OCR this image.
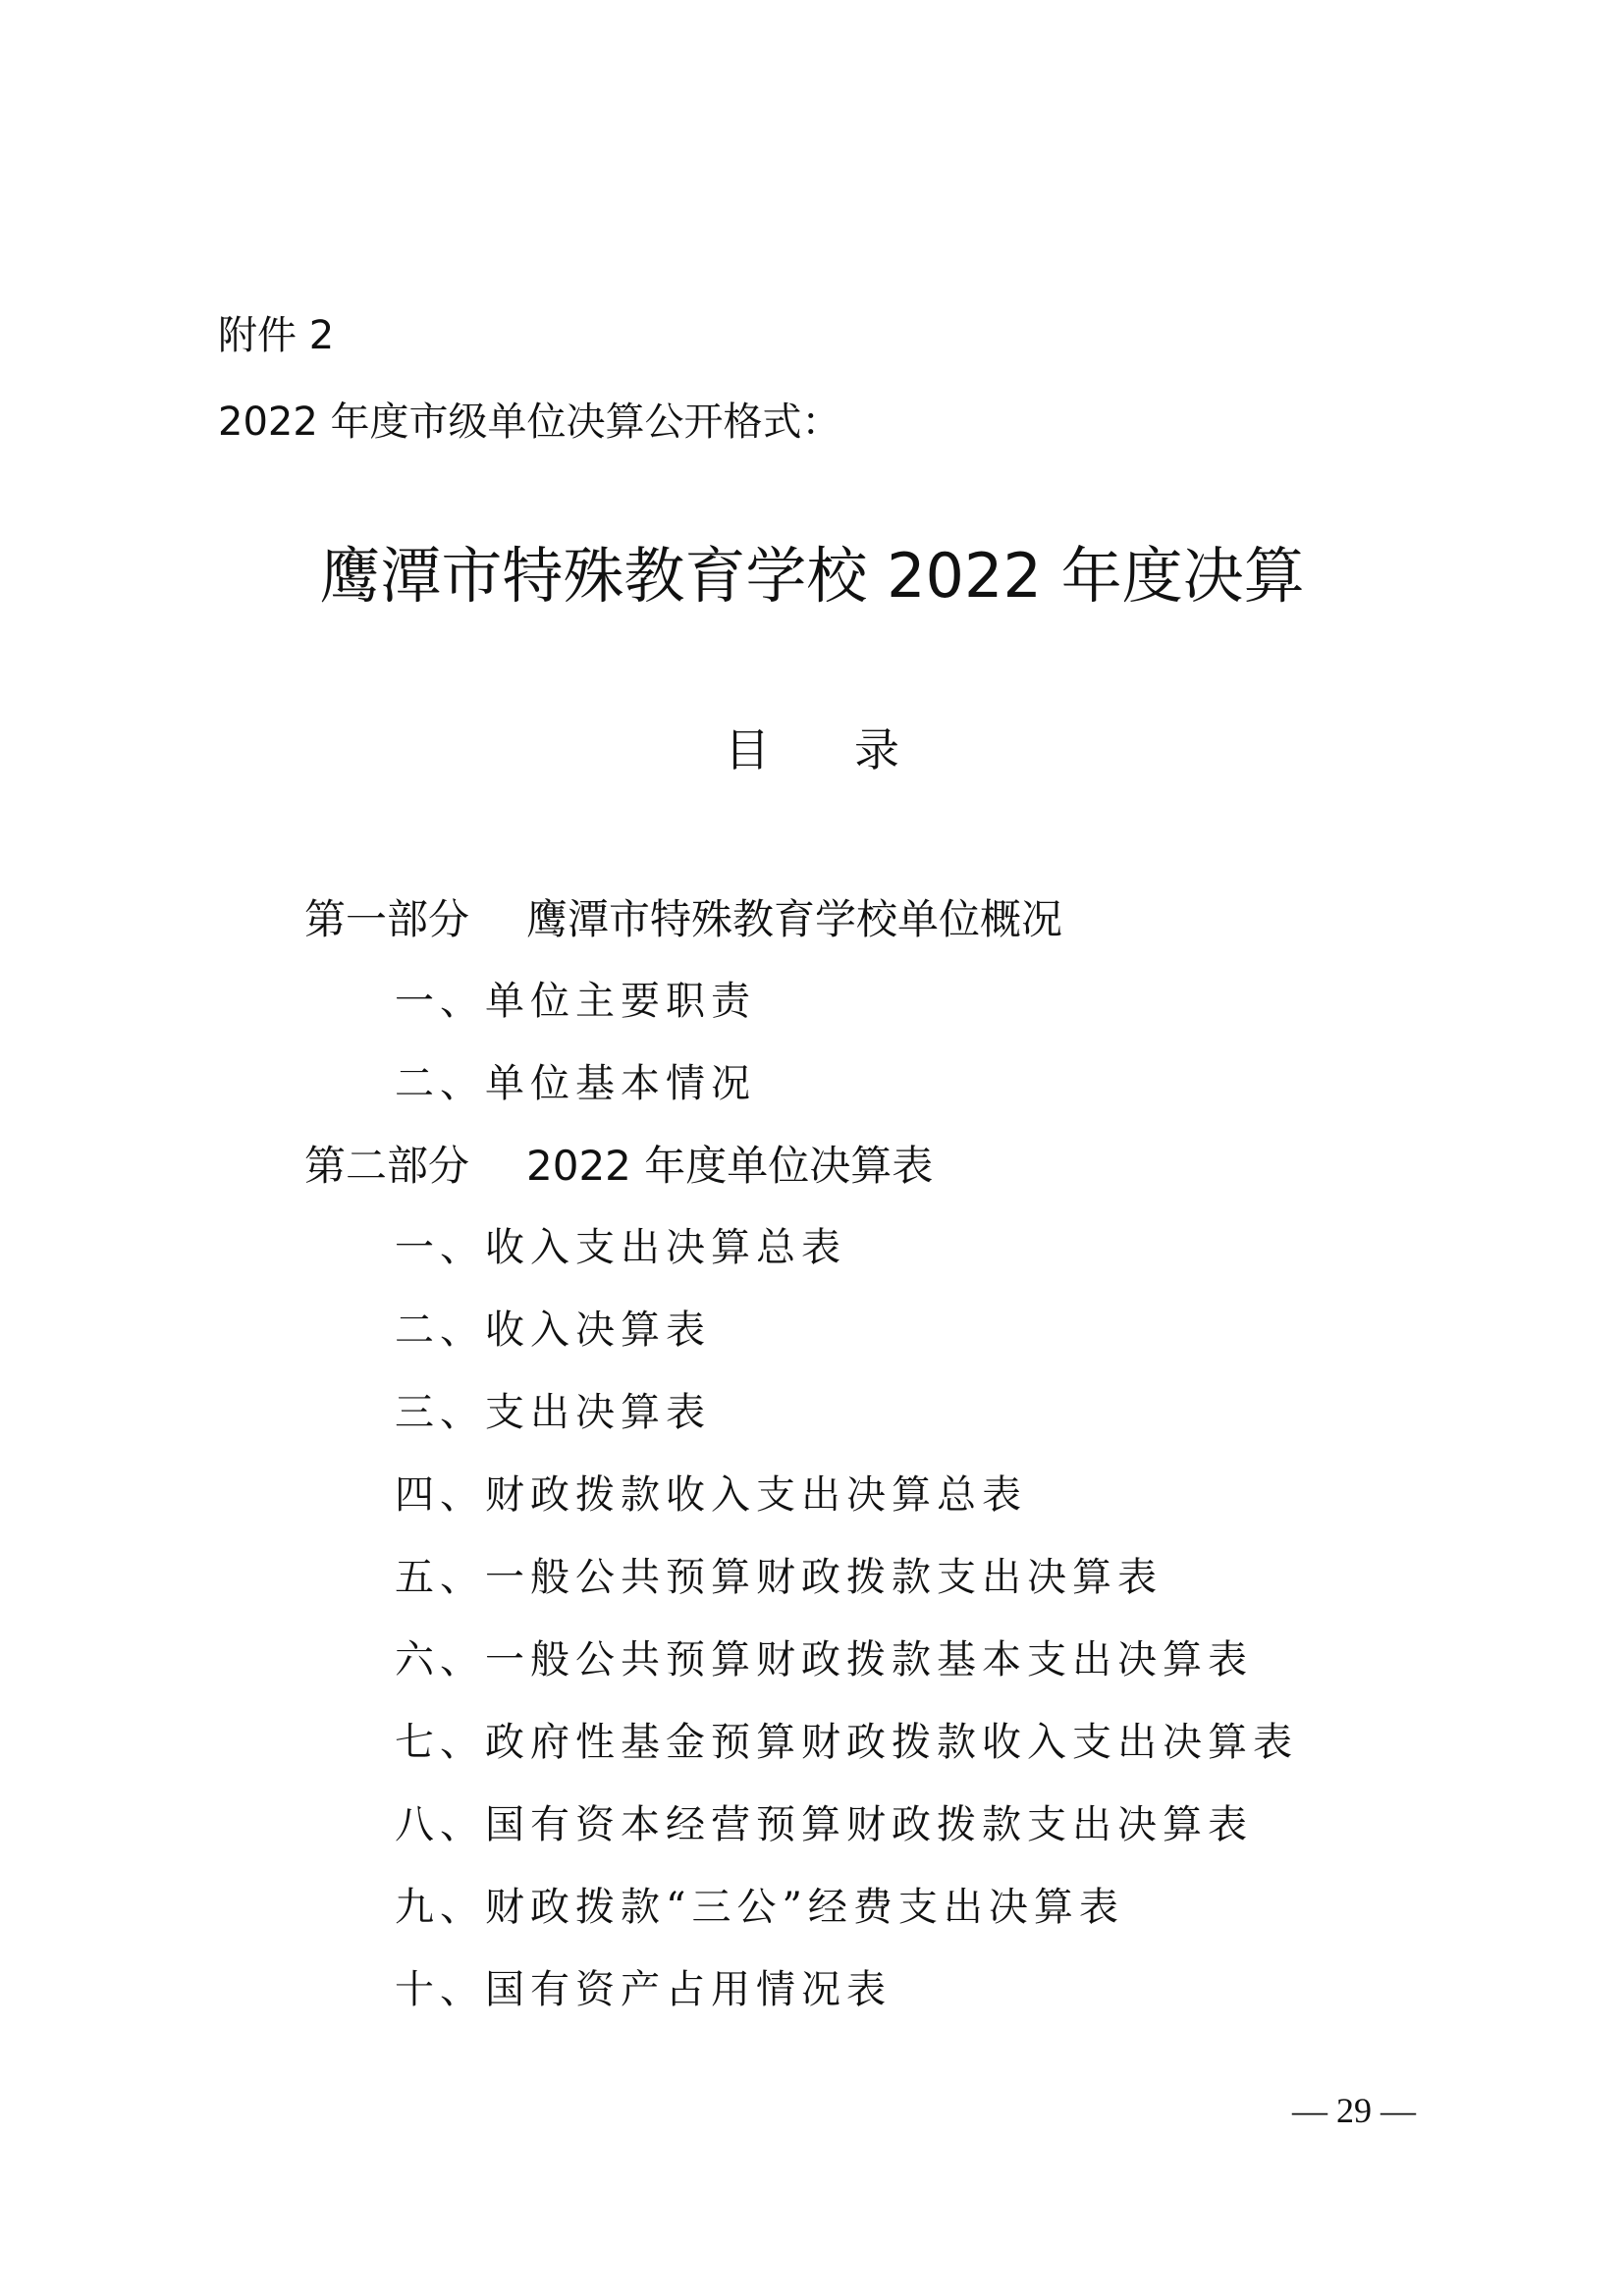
附件 2
2022 年度市级单位决算公开格式：
鹰潭市特殊教育学校 2022 年度决算
目录
第一部分 鹰潭市特殊教育学校单位概况
一、单位主要职责
二、单位基本情况
第二部分 2022 年度单位决算表
一、收入支出决算总表
二、收入决算表
三、支出决算表
四、财政拨款收入支出决算总表
五、一般公共预算财政拨款支出决算表
六、一般公共预算财政拨款基本支出决算表
七、政府性基金预算财政拨款收入支出决算表
八、国有资本经营预算财政拨款支出决算表
九、财政拨款“三公”经费支出决算表
十、国有资产占用情况表
— 29 —
